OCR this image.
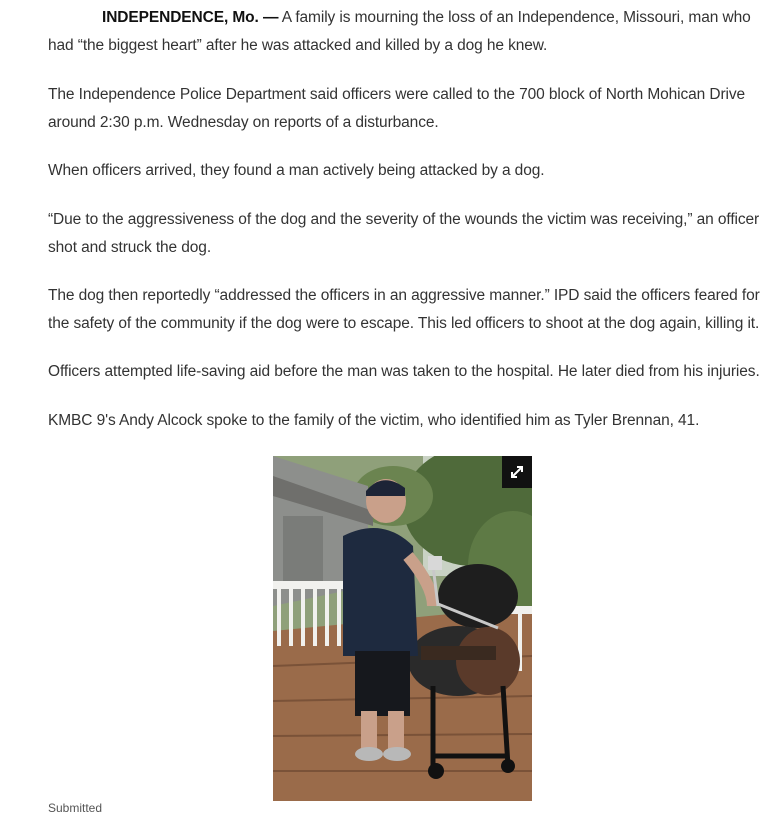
INDEPENDENCE, Mo. — A family is mourning the loss of an Independence, Missouri, man who had “the biggest heart” after he was attacked and killed by a dog he knew.

The Independence Police Department said officers were called to the 700 block of North Mohican Drive around 2:30 p.m. Wednesday on reports of a disturbance.

When officers arrived, they found a man actively being attacked by a dog.

“Due to the aggressiveness of the dog and the severity of the wounds the victim was receiving,” an officer shot and struck the dog.

The dog then reportedly “addressed the officers in an aggressive manner.” IPD said the officers feared for the safety of the community if the dog were to escape. This led officers to shoot at the dog again, killing it.

Officers attempted life-saving aid before the man was taken to the hospital. He later died from his injuries.

KMBC 9's Andy Alcock spoke to the family of the victim, who identified him as Tyler Brennan, 41.

Submitted
